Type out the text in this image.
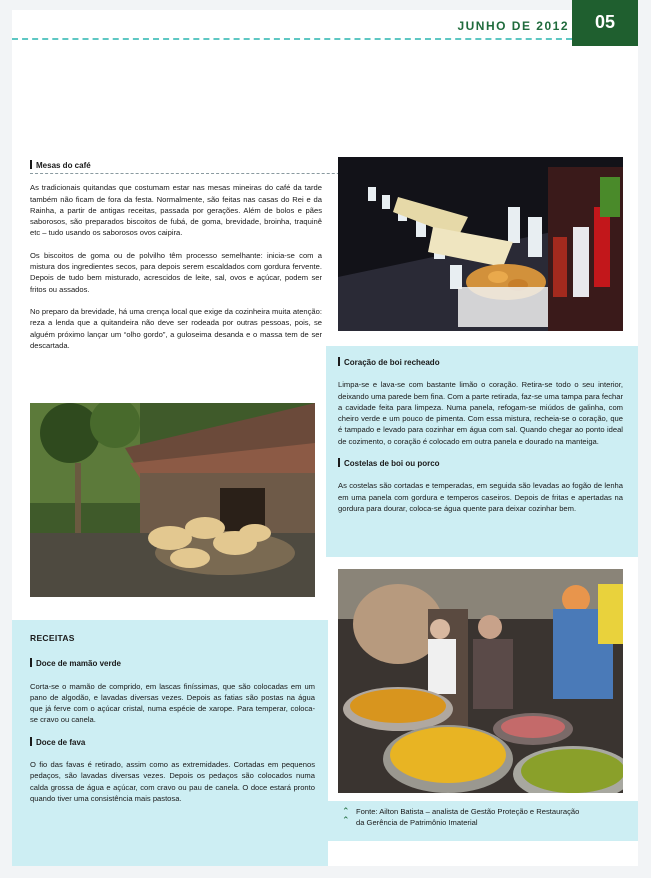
JUNHO DE 2012	05
Mesas do café

As tradicionais quitandas que costumam estar nas mesas mineiras do café da tarde também não ficam de fora da festa. Normalmente, são feitas nas casas do Rei e da Rainha, a partir de antigas receitas, passada por gerações. Além de bolos e pães saborosos, são preparados biscoitos de fubá, de goma, brevidade, broinha, traquinê etc – tudo usando os saborosos ovos caipira.

Os biscoitos de goma ou de polvilho têm processo semelhante: inicia-se com a mistura dos ingredientes secos, para depois serem escaldados com gordura fervente. Depois de tudo bem misturado, acrescidos de leite, sal, ovos e açúcar, podem ser fritos ou assados.

No preparo da brevidade, há uma crença local que exige da cozinheira muita atenção: reza a lenda que a quitandeira não deve ser rodeada por outras pessoas, pois, se alguém próximo lançar um “olho gordo”, a guloseima desanda e o massa tem de ser descartada.

Coração de boi recheado

Limpa-se e lava-se com bastante limão o coração. Retira-se todo o seu interior, deixando uma parede bem fina. Com a parte retirada, faz-se uma tampa para fechar a cavidade feita para limpeza. Numa panela, refogam-se miúdos de galinha, com cheiro verde e um pouco de pimenta. Com essa mistura, recheia-se o coração, que é tampado e levado para cozinhar em água com sal. Quando chegar ao ponto ideal de cozimento, o coração é colocado em outra panela e dourado na manteiga.

Costelas de boi ou porco

As costelas são cortadas e temperadas, em seguida são levadas ao fogão de lenha em uma panela com gordura e temperos caseiros. Depois de fritas e apertadas na gordura para dourar, coloca-se água quente para deixar cozinhar bem.

RECEITAS
Doce de mamão verde

Corta-se o mamão de comprido, em lascas finíssimas, que são colocadas em um pano de algodão, e lavadas diversas vezes. Depois as fatias são postas na água que já ferve com o açúcar cristal, numa espécie de xarope. Para temperar, coloca-se cravo ou canela.

Doce de fava

O fio das favas é retirado, assim como as extremidades. Cortadas em pequenos pedaços, são lavadas diversas vezes. Depois os pedaços são colocados numa calda grossa de água e açúcar, com cravo ou pau de canela. O doce estará pronto quando tiver uma consistência mais pastosa.

⌃
⌃
Fonte: Ailton Batista – analista de Gestão Proteção e Restauração
da Gerência de Patrimônio Imaterial
